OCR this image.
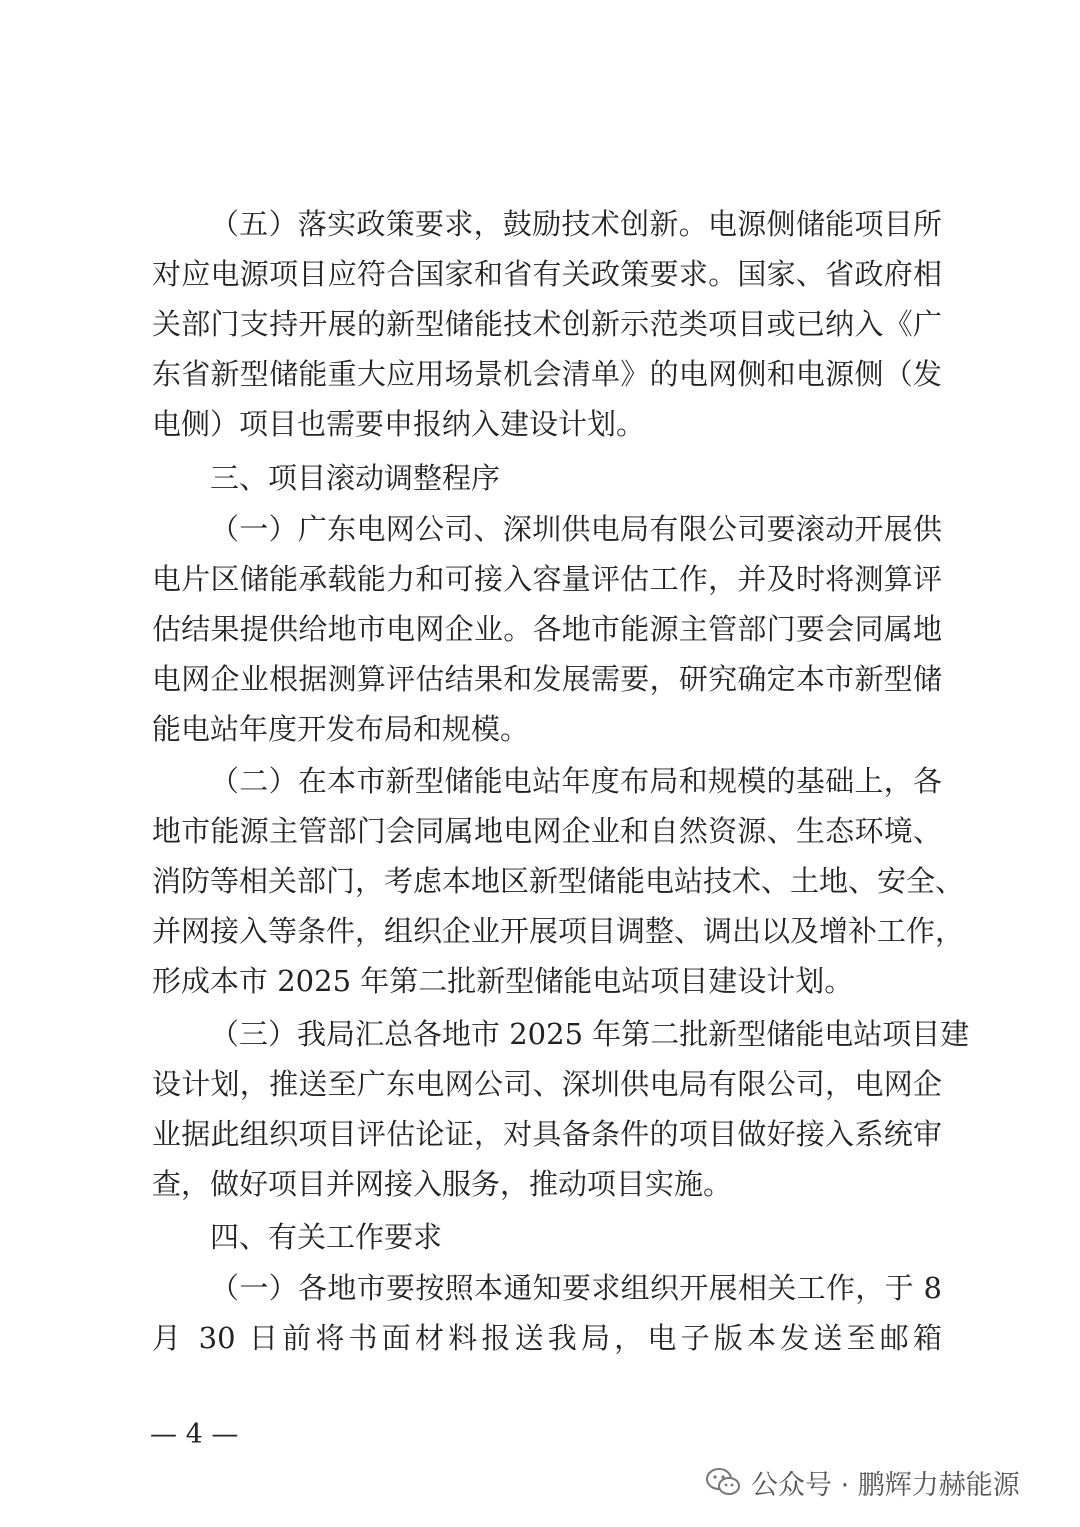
（五）落实政策要求，鼓励技术创新。电源侧储能项目所
对应电源项目应符合国家和省有关政策要求。国家、省政府相
关部门支持开展的新型储能技术创新示范类项目或已纳入《广
东省新型储能重大应用场景机会清单》的电网侧和电源侧（发
电侧）项目也需要申报纳入建设计划。
三、项目滚动调整程序
（一）广东电网公司、深圳供电局有限公司要滚动开展供
电片区储能承载能力和可接入容量评估工作，并及时将测算评
估结果提供给地市电网企业。各地市能源主管部门要会同属地
电网企业根据测算评估结果和发展需要，研究确定本市新型储
能电站年度开发布局和规模。
（二）在本市新型储能电站年度布局和规模的基础上，各
地市能源主管部门会同属地电网企业和自然资源、生态环境、
消防等相关部门，考虑本地区新型储能电站技术、土地、安全、
并网接入等条件，组织企业开展项目调整、调出以及增补工作，
形成本市 2025 年第二批新型储能电站项目建设计划。
（三）我局汇总各地市 2025 年第二批新型储能电站项目建
设计划，推送至广东电网公司、深圳供电局有限公司，电网企
业据此组织项目评估论证，对具备条件的项目做好接入系统审
查，做好项目并网接入服务，推动项目实施。
四、有关工作要求
（一）各地市要按照本通知要求组织开展相关工作，于 8
月 30 日前将书面材料报送我局，电子版本发送至邮箱
— 4 —
公众号 · 鹏辉力赫能源
